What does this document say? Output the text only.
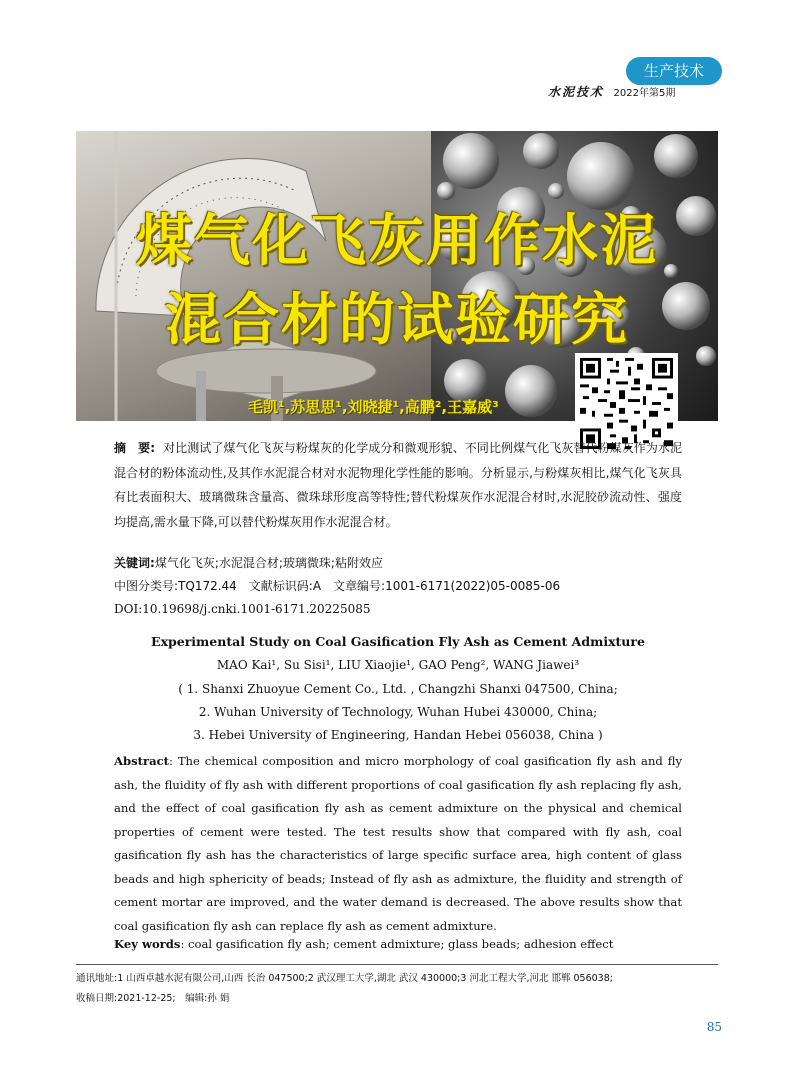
生产技术
水泥技术 2022年第5期
煤气化飞灰用作水泥
混合材的试验研究
毛凯¹,苏思思¹,刘晓捷¹,高鹏²,王嘉威³
摘　要: 对比测试了煤气化飞灰与粉煤灰的化学成分和微观形貌、不同比例煤气化飞灰替代粉煤灰作为水泥混合材的粉体流动性,及其作水泥混合材对水泥物理化学性能的影响。分析显示,与粉煤灰相比,煤气化飞灰具有比表面积大、玻璃微珠含量高、微珠球形度高等特性;替代粉煤灰作水泥混合材时,水泥胶砂流动性、强度均提高,需水量下降,可以替代粉煤灰用作水泥混合材。
关键词:煤气化飞灰;水泥混合材;玻璃微珠;粘附效应
中图分类号:TQ172.44　文献标识码:A　文章编号:1001-6171(2022)05-0085-06
DOI:10.19698/j.cnki.1001-6171.20225085
Experimental Study on Coal Gasification Fly Ash as Cement Admixture
MAO Kai¹, Su Sisi¹, LIU Xiaojie¹, GAO Peng², WANG Jiawei³
( 1. Shanxi Zhuoyue Cement Co., Ltd. , Changzhi Shanxi 047500, China;
2. Wuhan University of Technology, Wuhan Hubei 430000, China;
3. Hebei University of Engineering, Handan Hebei 056038, China )
Abstract: The chemical composition and micro morphology of coal gasification fly ash and fly ash, the fluidity of fly ash with different proportions of coal gasification fly ash replacing fly ash, and the effect of coal gasification fly ash as cement admixture on the physical and chemical properties of cement were tested. The test results show that compared with fly ash, coal gasification fly ash has the characteristics of large specific surface area, high content of glass beads and high sphericity of beads; Instead of fly ash as admixture, the fluidity and strength of cement mortar are improved, and the water demand is decreased. The above results show that coal gasification fly ash can replace fly ash as cement admixture.
Key words: coal gasification fly ash; cement admixture; glass beads; adhesion effect
通讯地址:1 山西卓越水泥有限公司,山西 长治 047500;2 武汉理工大学,湖北 武汉 430000;3 河北工程大学,河北 邯郸 056038;
收稿日期:2021-12-25;　编辑:孙 娟
85
